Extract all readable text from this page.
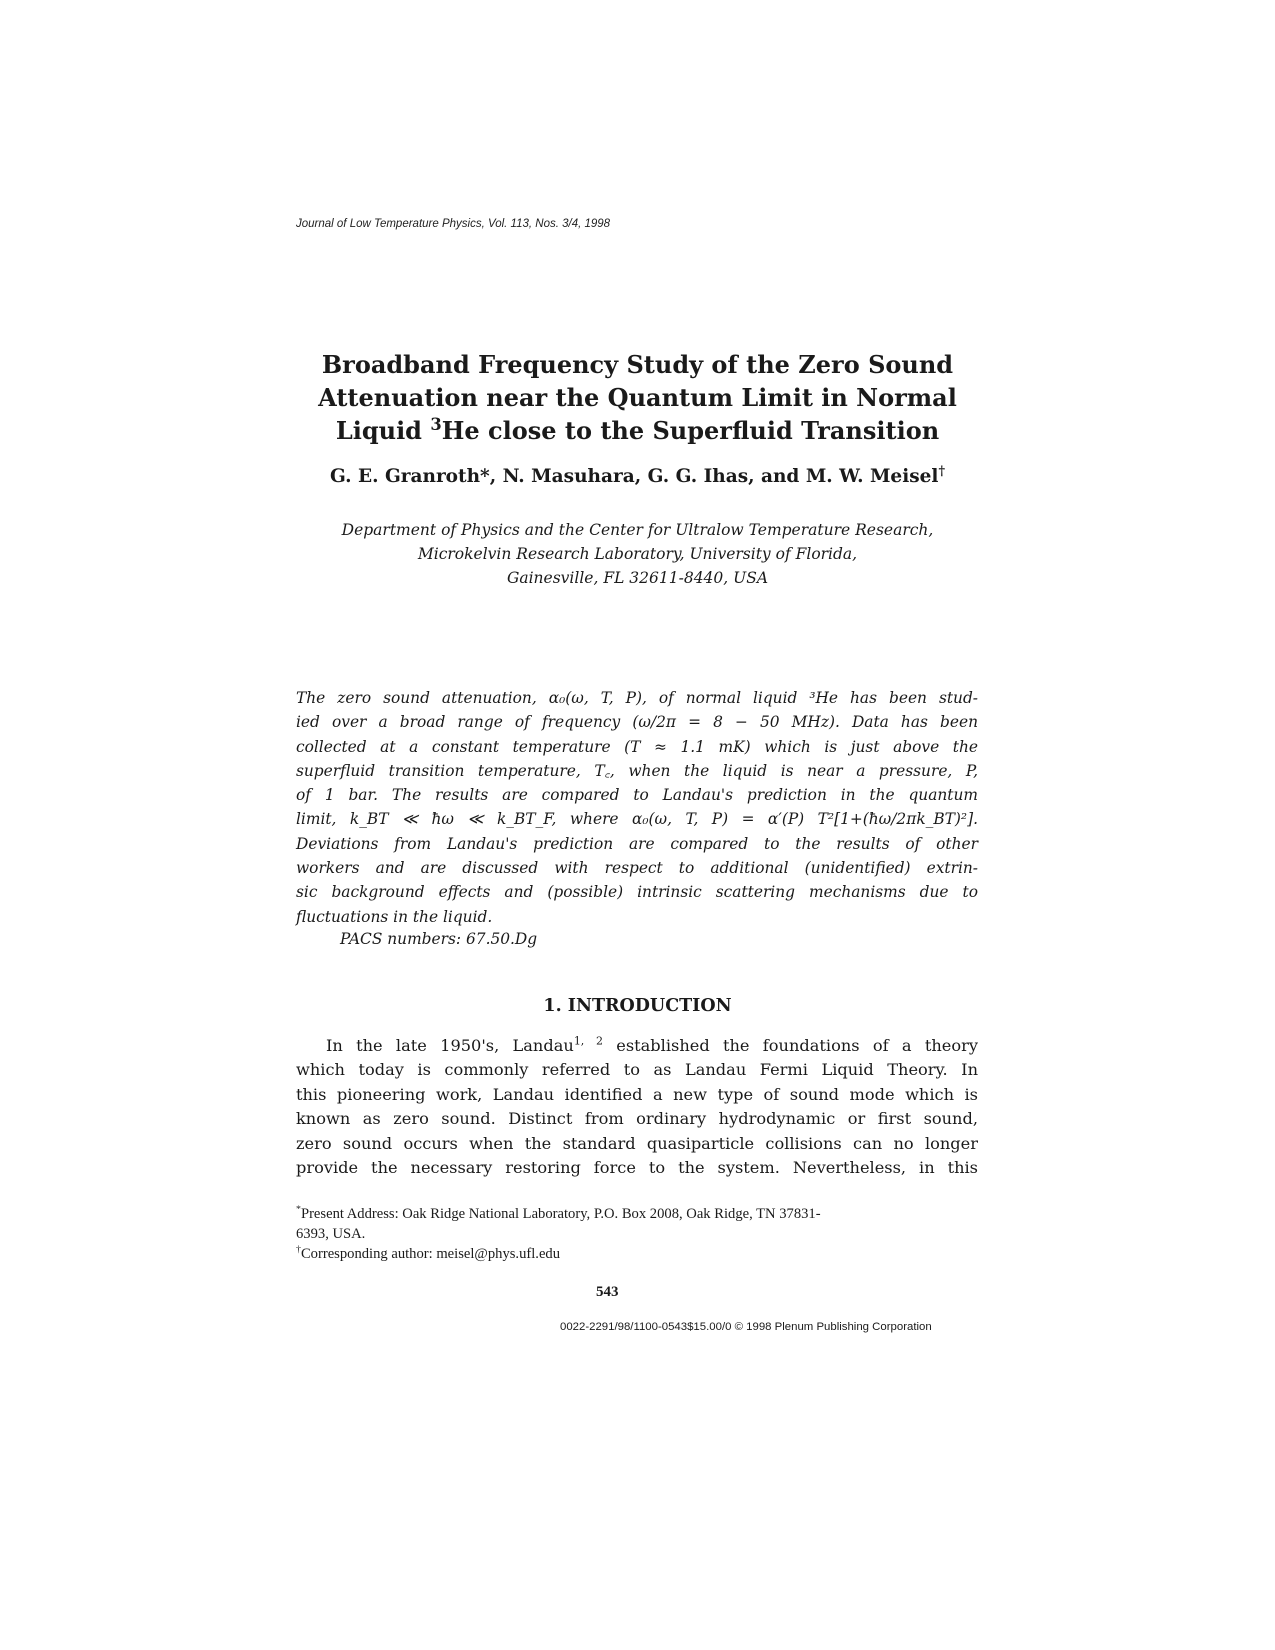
Journal of Low Temperature Physics, Vol. 113, Nos. 3/4, 1998
Broadband Frequency Study of the Zero Sound
Attenuation near the Quantum Limit in Normal
Liquid $^3$He close to the Superfluid Transition
G. E. Granroth*, N. Masuhara, G. G. Ihas, and M. W. Meisel†
Department of Physics and the Center for Ultralow Temperature Research,
Microkelvin Research Laboratory, University of Florida,
Gainesville, FL 32611-8440, USA
The zero sound attenuation, α₀(ω, T, P), of normal liquid ³He has been stud-
ied over a broad range of frequency (ω/2π = 8 − 50 MHz). Data has been
collected at a constant temperature (T ≈ 1.1 mK) which is just above the
superfluid transition temperature, T꜀, when the liquid is near a pressure, P,
of 1 bar. The results are compared to Landau's prediction in the quantum
limit, k_BT ≪ ħω ≪ k_BT_F, where α₀(ω, T, P) = α′(P) T²[1+(ħω/2πk_BT)²].
Deviations from Landau's prediction are compared to the results of other
workers and are discussed with respect to additional (unidentified) extrin-
sic background effects and (possible) intrinsic scattering mechanisms due to
fluctuations in the liquid.
PACS numbers: 67.50.Dg
1. INTRODUCTION
In the late 1950's, Landau$^{1, 2}$ established the foundations of a theory
which today is commonly referred to as Landau Fermi Liquid Theory. In
this pioneering work, Landau identified a new type of sound mode which is
known as zero sound. Distinct from ordinary hydrodynamic or first sound,
zero sound occurs when the standard quasiparticle collisions can no longer
provide the necessary restoring force to the system. Nevertheless, in this
*Present Address: Oak Ridge National Laboratory, P.O. Box 2008, Oak Ridge, TN 37831-
6393, USA.
†Corresponding author: meisel@phys.ufl.edu
543
0022-2291/98/1100-0543$15.00/0 © 1998 Plenum Publishing Corporation
